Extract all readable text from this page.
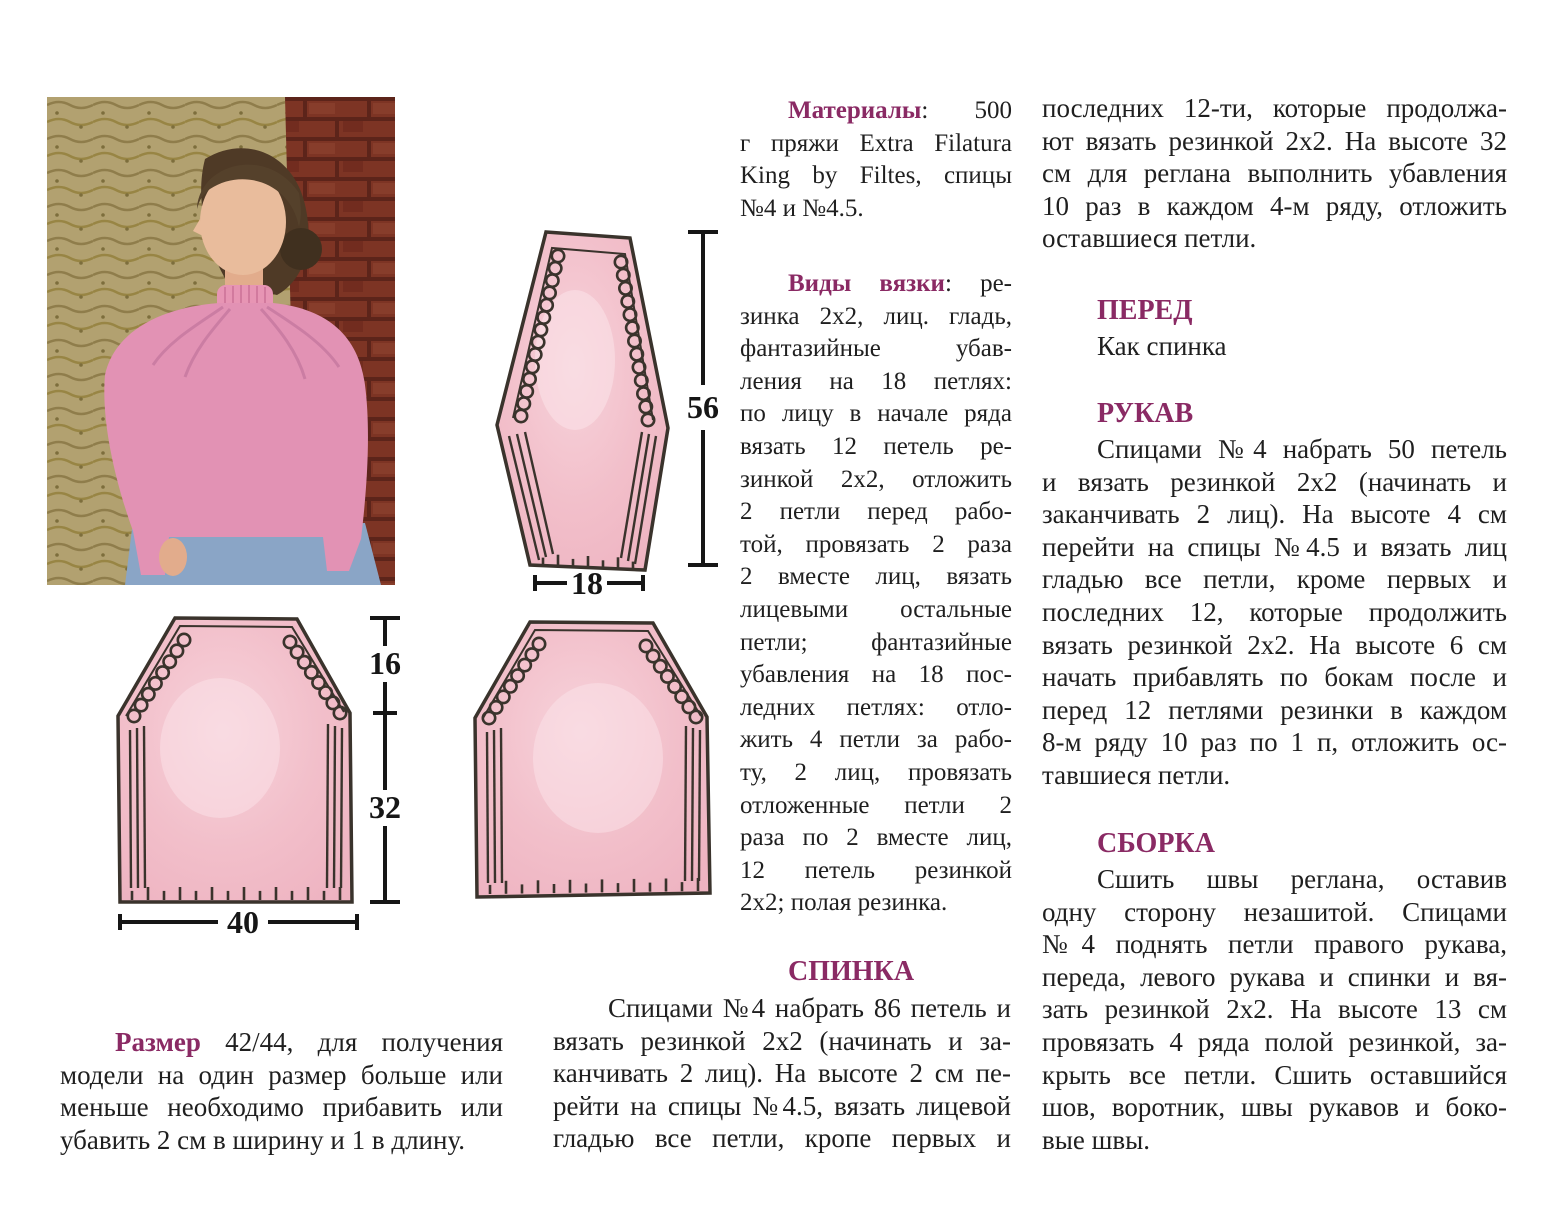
56
18
16
32
40
Размер 42/44, для получения
модели на один размер больше или
меньше необходимо прибавить или
убавить 2 см в ширину и 1 в длину.
Материалы: 500
г пряжи Extra Filatura
King by Filtes, спицы
№4 и №4.5.
Виды вязки: ре-
зинка 2х2, лиц. гладь,
фантазийные убав-
ления на 18 петлях:
по лицу в начале ряда
вязать 12 петель ре-
зинкой 2х2, отложить
2 петли перед рабо-
той, провязать 2 раза
2 вместе лиц, вязать
лицевыми остальные
петли; фантазийные
убавления на 18 пос-
ледних петлях: отло-
жить 4 петли за рабо-
ту, 2 лиц, провязать
отложенные петли 2
раза по 2 вместе лиц,
12 петель резинкой
2х2; полая резинка.
СПИНКА
Спицами №4 набрать 86 петель и
вязать резинкой 2х2 (начинать и за-
канчивать 2 лиц). На высоте 2 см пе-
рейти на спицы №4.5, вязать лицевой
гладью все петли, кропе первых и
последних 12-ти, которые продолжа-
ют вязать резинкой 2х2. На высоте 32
см для реглана выполнить убавления
10 раз в каждом 4-м ряду, отложить
оставшиеся петли.
ПЕРЕД
Как спинка
РУКАВ
Спицами №4 набрать 50 петель
и вязать резинкой 2х2 (начинать и
заканчивать 2 лиц). На высоте 4 см
перейти на спицы №4.5 и вязать лиц
гладью все петли, кроме первых и
последних 12, которые продолжить
вязать резинкой 2х2. На высоте 6 см
начать прибавлять по бокам после и
перед 12 петлями резинки в каждом
8-м ряду 10 раз по 1 п, отложить ос-
тавшиеся петли.
СБОРКА
Сшить швы реглана, оставив
одну сторону незашитой. Спицами
№4 поднять петли правого рукава,
переда, левого рукава и спинки и вя-
зать резинкой 2х2. На высоте 13 см
провязать 4 ряда полой резинкой, за-
крыть все петли. Сшить оставшийся
шов, воротник, швы рукавов и боко-
вые швы.
